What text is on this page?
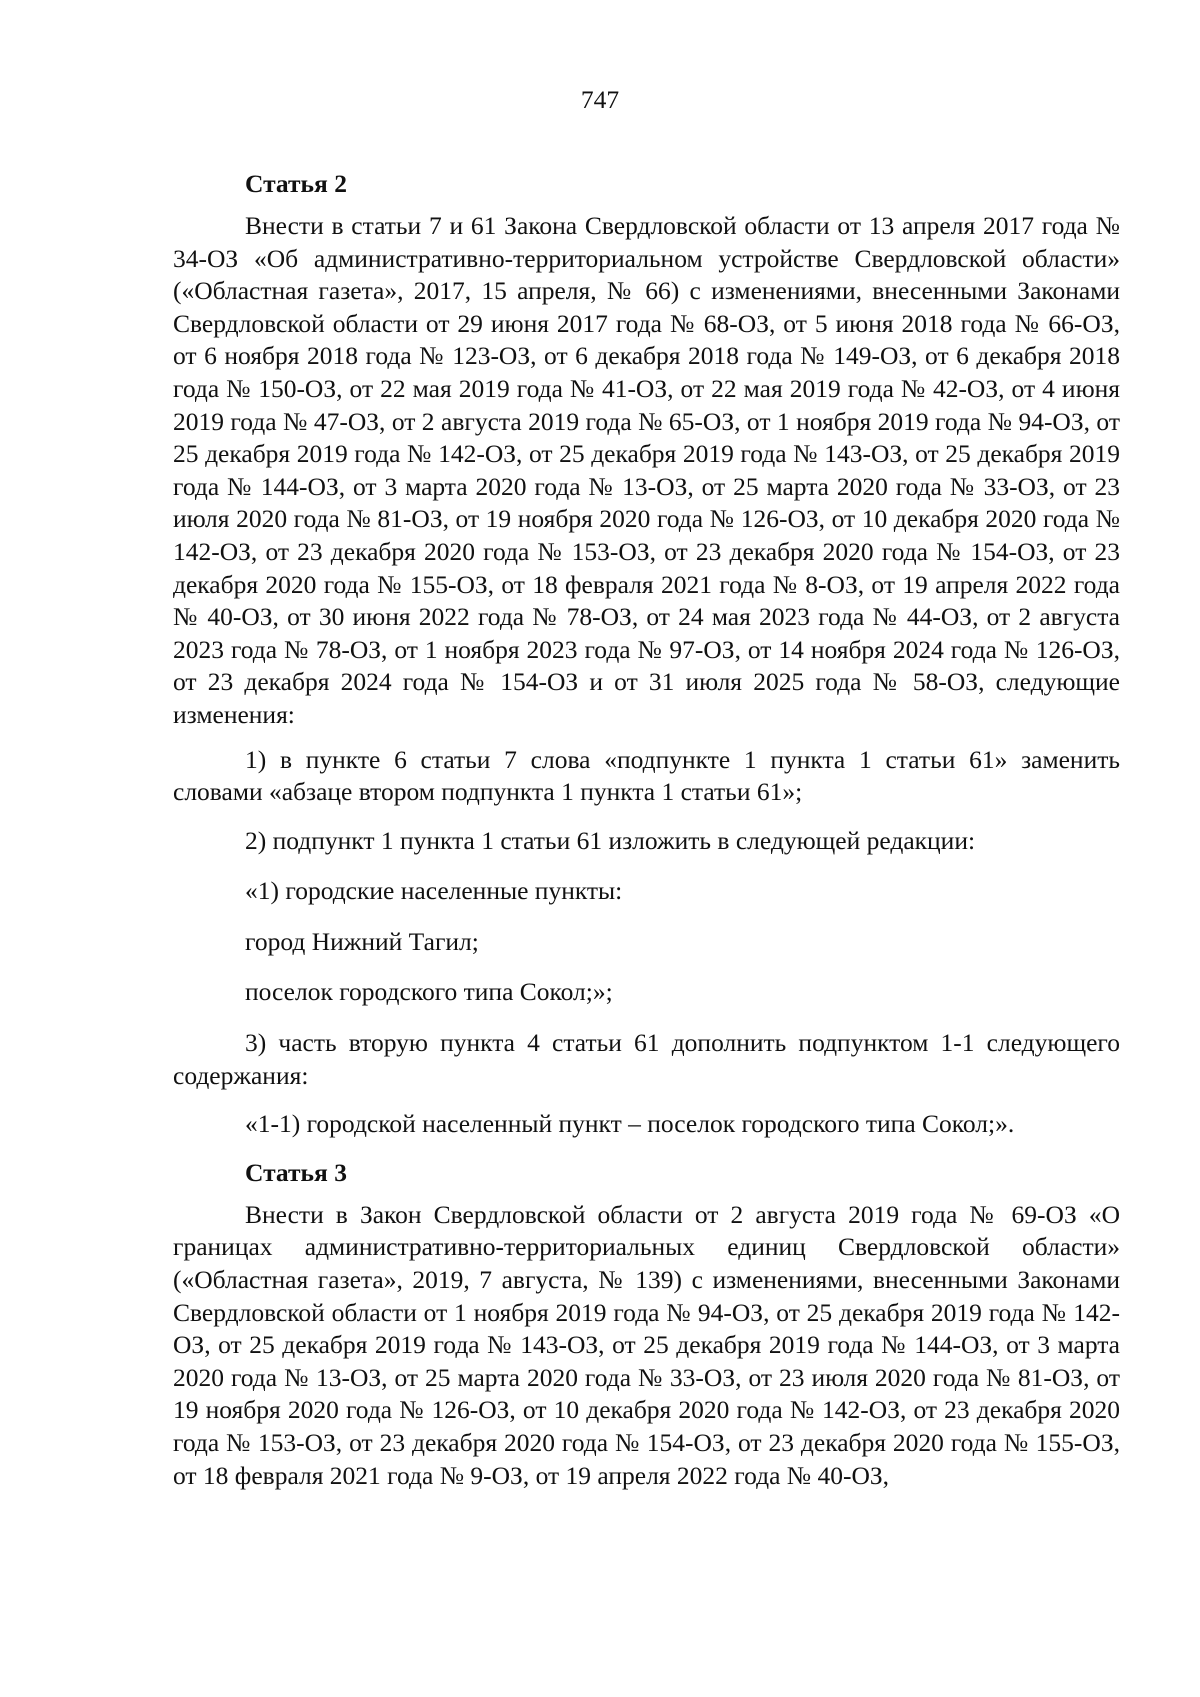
747
Статья 2

Внести в статьи 7 и 61 Закона Свердловской области от 13 апреля 2017 года № 34-ОЗ «Об административно-территориальном устройстве Свердловской области» («Областная газета», 2017, 15 апреля, № 66) с изменениями, внесенными Законами Свердловской области от 29 июня 2017 года № 68-ОЗ, от 5 июня 2018 года № 66-ОЗ, от 6 ноября 2018 года № 123-ОЗ, от 6 декабря 2018 года № 149-ОЗ, от 6 декабря 2018 года № 150-ОЗ, от 22 мая 2019 года № 41-ОЗ, от 22 мая 2019 года № 42-ОЗ, от 4 июня 2019 года № 47-ОЗ, от 2 августа 2019 года № 65-ОЗ, от 1 ноября 2019 года № 94-ОЗ, от 25 декабря 2019 года № 142-ОЗ, от 25 декабря 2019 года № 143-ОЗ, от 25 декабря 2019 года № 144-ОЗ, от 3 марта 2020 года № 13-ОЗ, от 25 марта 2020 года № 33-ОЗ, от 23 июля 2020 года № 81-ОЗ, от 19 ноября 2020 года № 126-ОЗ, от 10 декабря 2020 года № 142-ОЗ, от 23 декабря 2020 года № 153-ОЗ, от 23 декабря 2020 года № 154-ОЗ, от 23 декабря 2020 года № 155-ОЗ, от 18 февраля 2021 года № 8-ОЗ, от 19 апреля 2022 года № 40-ОЗ, от 30 июня 2022 года № 78-ОЗ, от 24 мая 2023 года № 44-ОЗ, от 2 августа 2023 года № 78-ОЗ, от 1 ноября 2023 года № 97-ОЗ, от 14 ноября 2024 года № 126-ОЗ, от 23 декабря 2024 года № 154-ОЗ и от 31 июля 2025 года № 58-ОЗ, следующие изменения:

1) в пункте 6 статьи 7 слова «подпункте 1 пункта 1 статьи 61» заменить словами «абзаце втором подпункта 1 пункта 1 статьи 61»;

2) подпункт 1 пункта 1 статьи 61 изложить в следующей редакции:

«1) городские населенные пункты:

город Нижний Тагил;

поселок городского типа Сокол;»;

3) часть вторую пункта 4 статьи 61 дополнить подпунктом 1-1 следующего содержания:

«1-1) городской населенный пункт – поселок городского типа Сокол;».

Статья 3

Внести в Закон Свердловской области от 2 августа 2019 года № 69-ОЗ «О границах административно-территориальных единиц Свердловской области» («Областная газета», 2019, 7 августа, № 139) с изменениями, внесенными Законами Свердловской области от 1 ноября 2019 года № 94-ОЗ, от 25 декабря 2019 года № 142-ОЗ, от 25 декабря 2019 года № 143-ОЗ, от 25 декабря 2019 года № 144-ОЗ, от 3 марта 2020 года № 13-ОЗ, от 25 марта 2020 года № 33-ОЗ, от 23 июля 2020 года № 81-ОЗ, от 19 ноября 2020 года № 126-ОЗ, от 10 декабря 2020 года № 142-ОЗ, от 23 декабря 2020 года № 153-ОЗ, от 23 декабря 2020 года № 154-ОЗ, от 23 декабря 2020 года № 155-ОЗ, от 18 февраля 2021 года № 9-ОЗ, от 19 апреля 2022 года № 40-ОЗ,
